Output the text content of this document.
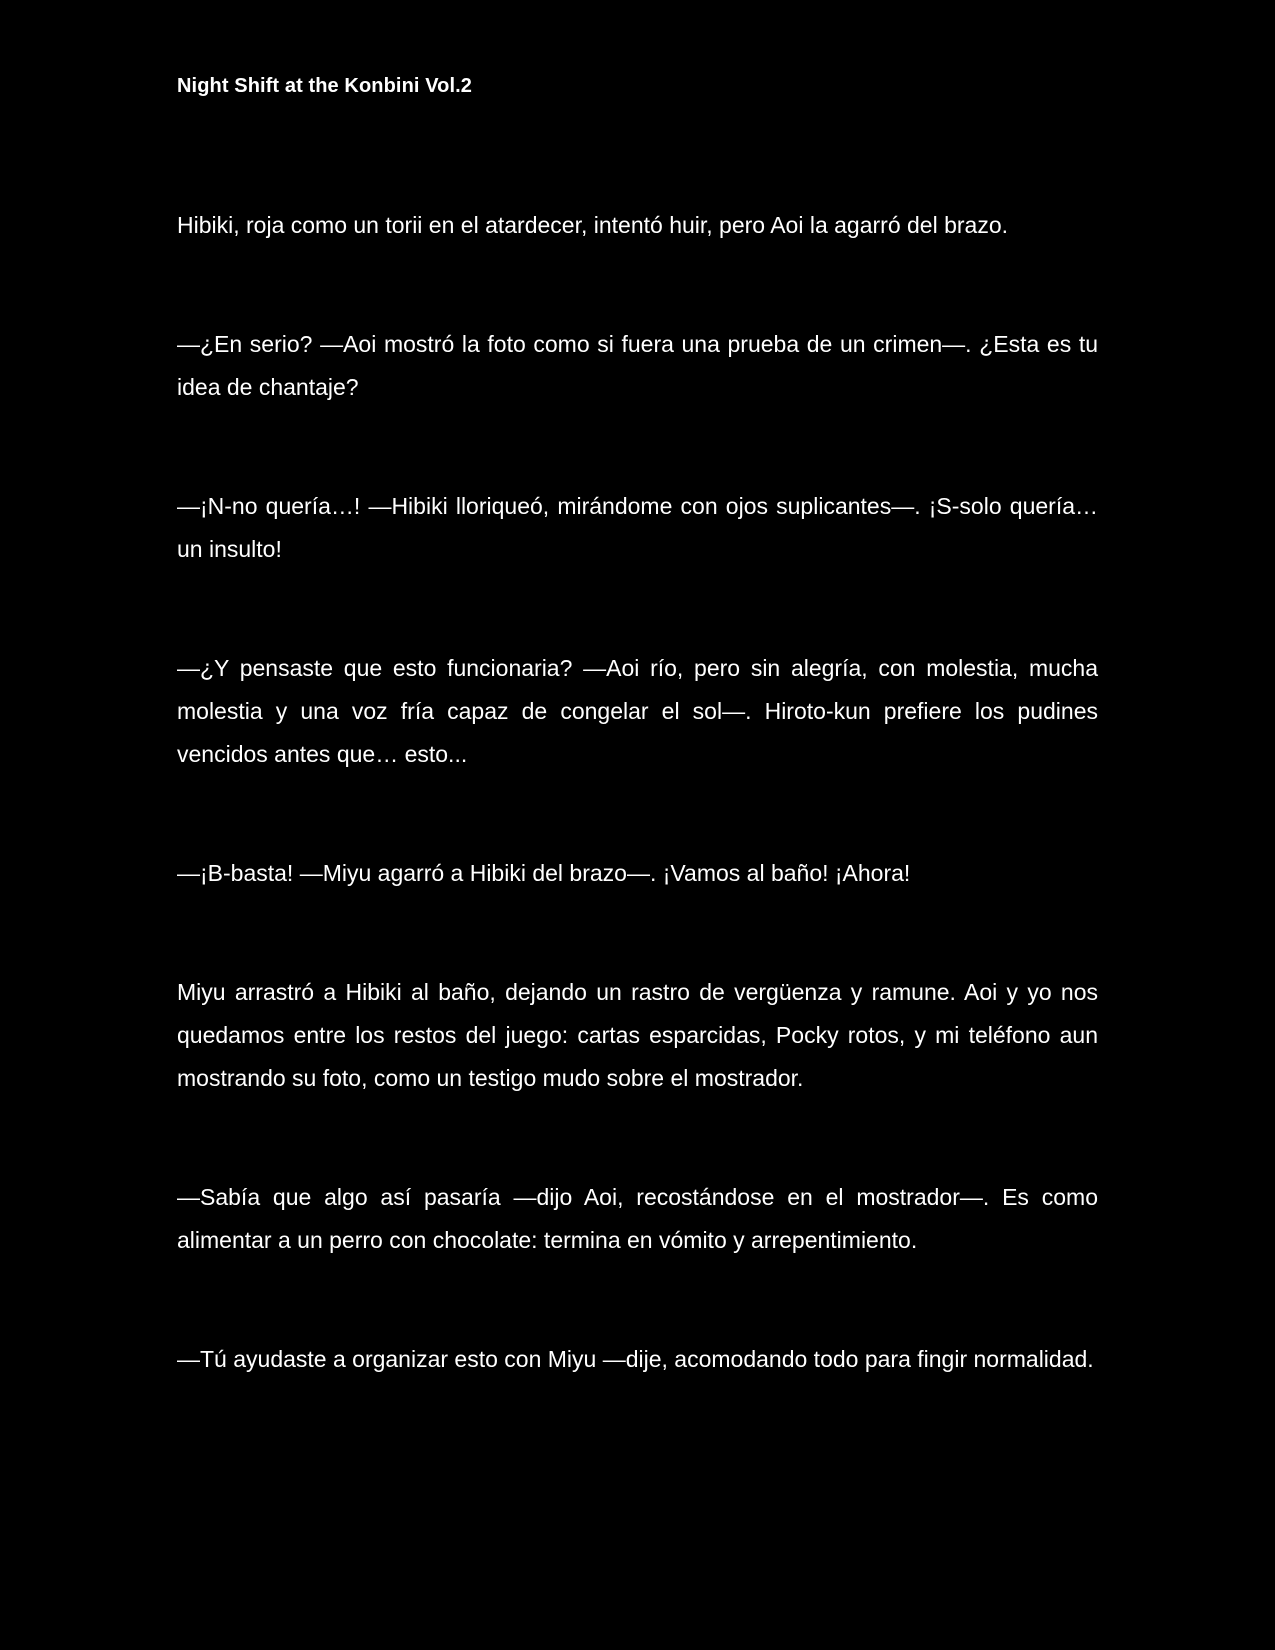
Night Shift at the Konbini Vol.2

Hibiki, roja como un torii en el atardecer, intentó huir, pero Aoi la agarró del brazo.

—¿En serio? —Aoi mostró la foto como si fuera una prueba de un crimen—. ¿Esta es tu idea de chantaje?

—¡N-no quería…! —Hibiki lloriqueó, mirándome con ojos suplicantes—. ¡S-solo quería… un insulto!

—¿Y pensaste que esto funcionaria? —Aoi río, pero sin alegría, con molestia, mucha molestia y una voz fría capaz de congelar el sol—. Hiroto-kun prefiere los pudines vencidos antes que… esto...

—¡B-basta! —Miyu agarró a Hibiki del brazo—. ¡Vamos al baño! ¡Ahora!

Miyu arrastró a Hibiki al baño, dejando un rastro de vergüenza y ramune. Aoi y yo nos quedamos entre los restos del juego: cartas esparcidas, Pocky rotos, y mi teléfono aun mostrando su foto, como un testigo mudo sobre el mostrador.

—Sabía que algo así pasaría —dijo Aoi, recostándose en el mostrador—. Es como alimentar a un perro con chocolate: termina en vómito y arrepentimiento.

—Tú ayudaste a organizar esto con Miyu —dije, acomodando todo para fingir normalidad.
